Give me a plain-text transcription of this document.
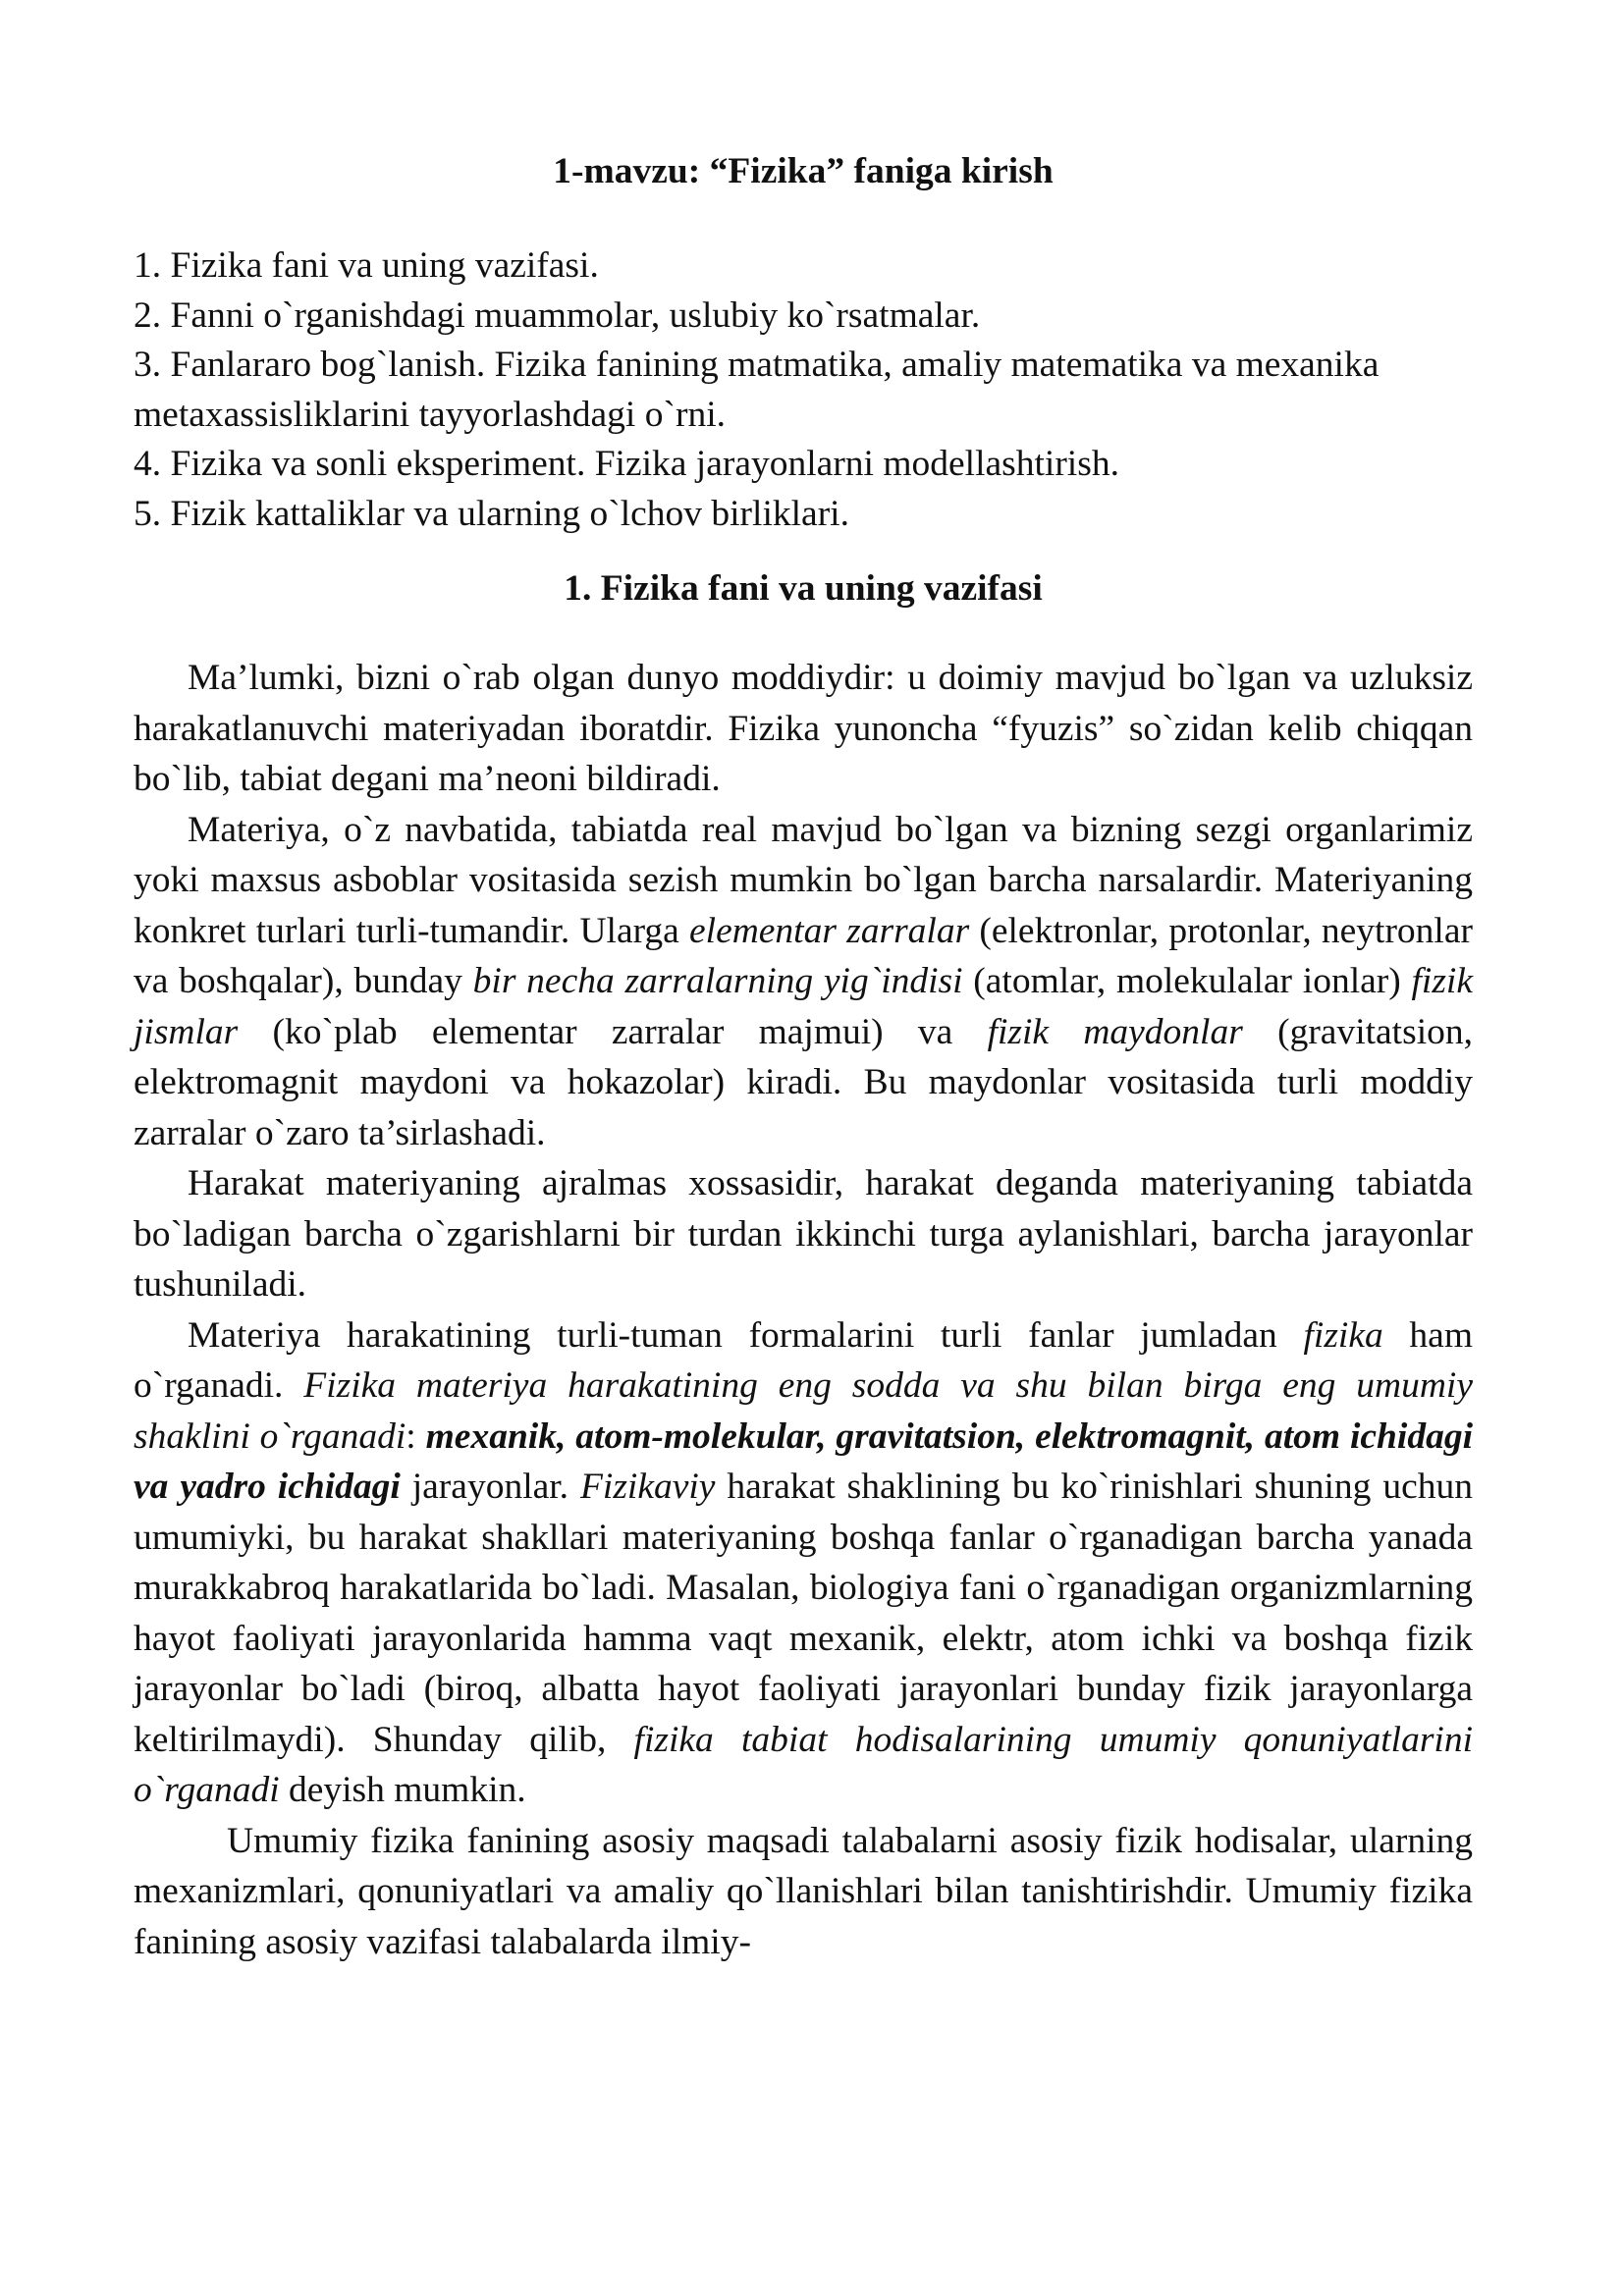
1-mavzu: “Fizika” faniga kirish
1. Fizika fani va uning vazifasi.
2. Fanni o`rganishdagi muammolar, uslubiy ko`rsatmalar.
3. Fanlararo bog`lanish. Fizika fanining matmatika, amaliy matematika va mexanika metaxassisliklarini tayyorlashdagi o`rni.
4. Fizika va sonli eksperiment. Fizika jarayonlarni modellashtirish.
5. Fizik kattaliklar va ularning o`lchov birliklari.
1. Fizika fani va uning vazifasi

Ma’lumki, bizni o`rab olgan dunyo moddiydir: u doimiy mavjud bo`lgan va uzluksiz harakatlanuvchi materiyadan iboratdir. Fizika yunoncha “fyuzis” so`zidan kelib chiqqan bo`lib, tabiat degani ma’neoni bildiradi.

Materiya, o`z navbatida, tabiatda real mavjud bo`lgan va bizning sezgi organlarimiz yoki maxsus asboblar vositasida sezish mumkin bo`lgan barcha narsalardir. Materiyaning konkret turlari turli-tumandir. Ularga elementar zarralar (elektronlar, protonlar, neytronlar va boshqalar), bunday bir necha zarralarning yig`indisi (atomlar, molekulalar ionlar) fizik jismlar (ko`plab elementar zarralar majmui) va fizik maydonlar (gravitatsion, elektromagnit maydoni va hokazolar) kiradi. Bu maydonlar vositasida turli moddiy zarralar o`zaro ta’sirlashadi.

Harakat materiyaning ajralmas xossasidir, harakat deganda materiyaning tabiatda bo`ladigan barcha o`zgarishlarni bir turdan ikkinchi turga aylanishlari, barcha jarayonlar tushuniladi.

Materiya harakatining turli-tuman formalarini turli fanlar jumladan fizika ham o`rganadi. Fizika materiya harakatining eng sodda va shu bilan birga eng umumiy shaklini o`rganadi: mexanik, atom-molekular, gravitatsion, elektromagnit, atom ichidagi va yadro ichidagi jarayonlar. Fizikaviy harakat shaklining bu ko`rinishlari shuning uchun umumiyki, bu harakat shakllari materiyaning boshqa fanlar o`rganadigan barcha yanada murakkabroq harakatlarida bo`ladi. Masalan, biologiya fani o`rganadigan organizmlarning hayot faoliyati jarayonlarida hamma vaqt mexanik, elektr, atom ichki va boshqa fizik jarayonlar bo`ladi (biroq, albatta hayot faoliyati jarayonlari bunday fizik jarayonlarga keltirilmaydi). Shunday qilib, fizika tabiat hodisalarining umumiy qonuniyatlarini o`rganadi deyish mumkin.

Umumiy fizika fanining asosiy maqsadi talabalarni asosiy fizik hodisalar, ularning mexanizmlari, qonuniyatlari va amaliy qo`llanishlari bilan tanishtirishdir. Umumiy fizika fanining asosiy vazifasi talabalarda ilmiy-
